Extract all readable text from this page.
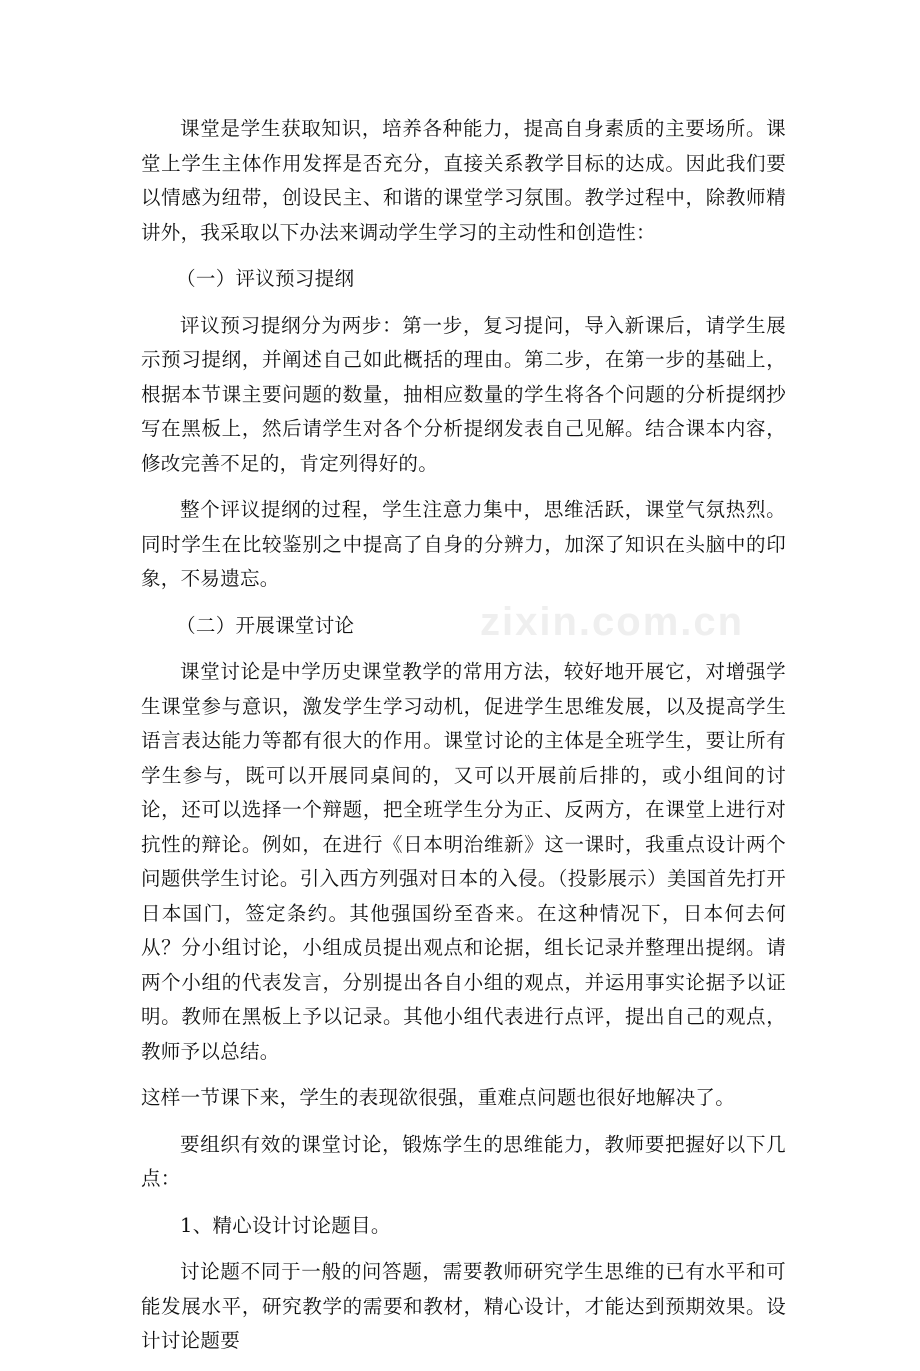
zixin.com.cn

课堂是学生获取知识，培养各种能力，提高自身素质的主要场所。课堂上学生主体作用发挥是否充分，直接关系教学目标的达成。因此我们要以情感为纽带，创设民主、和谐的课堂学习氛围。教学过程中，除教师精讲外，我采取以下办法来调动学生学习的主动性和创造性：

（一）评议预习提纲

评议预习提纲分为两步：第一步，复习提问，导入新课后，请学生展示预习提纲，并阐述自己如此概括的理由。第二步，在第一步的基础上，根据本节课主要问题的数量，抽相应数量的学生将各个问题的分析提纲抄写在黑板上，然后请学生对各个分析提纲发表自己见解。结合课本内容，修改完善不足的，肯定列得好的。

整个评议提纲的过程，学生注意力集中，思维活跃，课堂气氛热烈。同时学生在比较鉴别之中提高了自身的分辨力，加深了知识在头脑中的印象，不易遗忘。

（二）开展课堂讨论

课堂讨论是中学历史课堂教学的常用方法，较好地开展它，对增强学生课堂参与意识，激发学生学习动机，促进学生思维发展，以及提高学生语言表达能力等都有很大的作用。课堂讨论的主体是全班学生，要让所有学生参与，既可以开展同桌间的，又可以开展前后排的，或小组间的讨论，还可以选择一个辩题，把全班学生分为正、反两方，在课堂上进行对抗性的辩论。例如，在进行《日本明治维新》这一课时，我重点设计两个问题供学生讨论。引入西方列强对日本的入侵。（投影展示）美国首先打开日本国门，签定条约。其他强国纷至沓来。在这种情况下，日本何去何从？分小组讨论，小组成员提出观点和论据，组长记录并整理出提纲。请两个小组的代表发言，分别提出各自小组的观点，并运用事实论据予以证明。教师在黑板上予以记录。其他小组代表进行点评，提出自己的观点，教师予以总结。

这样一节课下来，学生的表现欲很强，重难点问题也很好地解决了。

要组织有效的课堂讨论，锻炼学生的思维能力，教师要把握好以下几点：

1、精心设计讨论题目。

讨论题不同于一般的问答题，需要教师研究学生思维的已有水平和可能发展水平，研究教学的需要和教材，精心设计，才能达到预期效果。设计讨论题要
